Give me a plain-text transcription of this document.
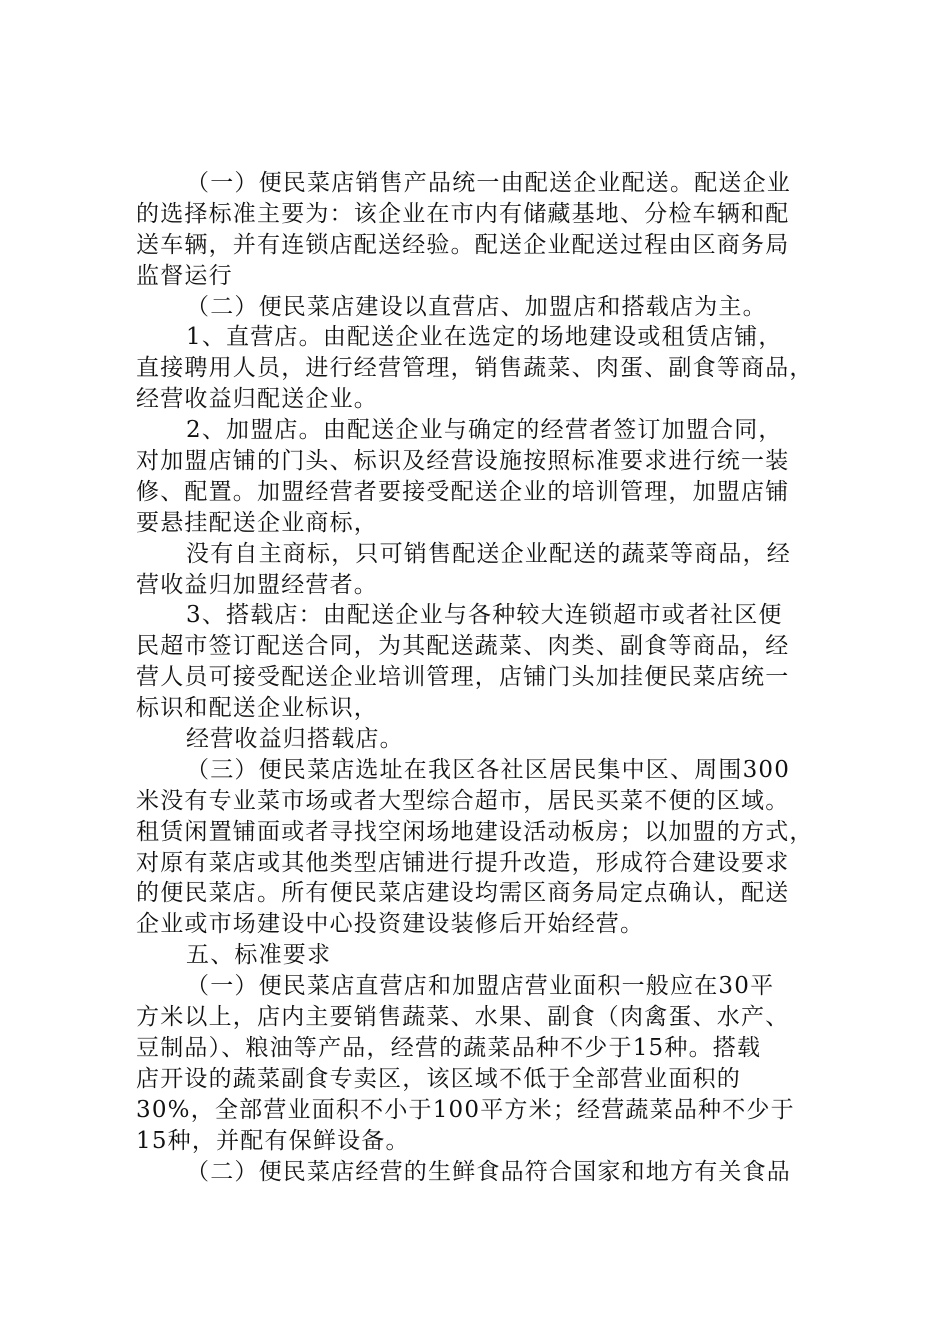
（一）便民菜店销售产品统一由配送企业配送。配送企业
的选择标准主要为：该企业在市内有储藏基地、分检车辆和配
送车辆，并有连锁店配送经验。配送企业配送过程由区商务局
监督运行
（二）便民菜店建设以直营店、加盟店和搭载店为主。
1、直营店。由配送企业在选定的场地建设或租赁店铺，
直接聘用人员，进行经营管理，销售蔬菜、肉蛋、副食等商品，
经营收益归配送企业。
2、加盟店。由配送企业与确定的经营者签订加盟合同，
对加盟店铺的门头、标识及经营设施按照标准要求进行统一装
修、配置。加盟经营者要接受配送企业的培训管理，加盟店铺
要悬挂配送企业商标，
没有自主商标，只可销售配送企业配送的蔬菜等商品，经
营收益归加盟经营者。
3、搭载店：由配送企业与各种较大连锁超市或者社区便
民超市签订配送合同，为其配送蔬菜、肉类、副食等商品，经
营人员可接受配送企业培训管理，店铺门头加挂便民菜店统一
标识和配送企业标识，
经营收益归搭载店。
（三）便民菜店选址在我区各社区居民集中区、周围300
米没有专业菜市场或者大型综合超市，居民买菜不便的区域。
租赁闲置铺面或者寻找空闲场地建设活动板房；以加盟的方式，
对原有菜店或其他类型店铺进行提升改造，形成符合建设要求
的便民菜店。所有便民菜店建设均需区商务局定点确认，配送
企业或市场建设中心投资建设装修后开始经营。
五、标准要求
（一）便民菜店直营店和加盟店营业面积一般应在30平
方米以上，店内主要销售蔬菜、水果、副食（肉禽蛋、水产、
豆制品）、粮油等产品，经营的蔬菜品种不少于15种。搭载
店开设的蔬菜副食专卖区，该区域不低于全部营业面积的
30%，全部营业面积不小于100平方米；经营蔬菜品种不少于
15种，并配有保鲜设备。
（二）便民菜店经营的生鲜食品符合国家和地方有关食品
